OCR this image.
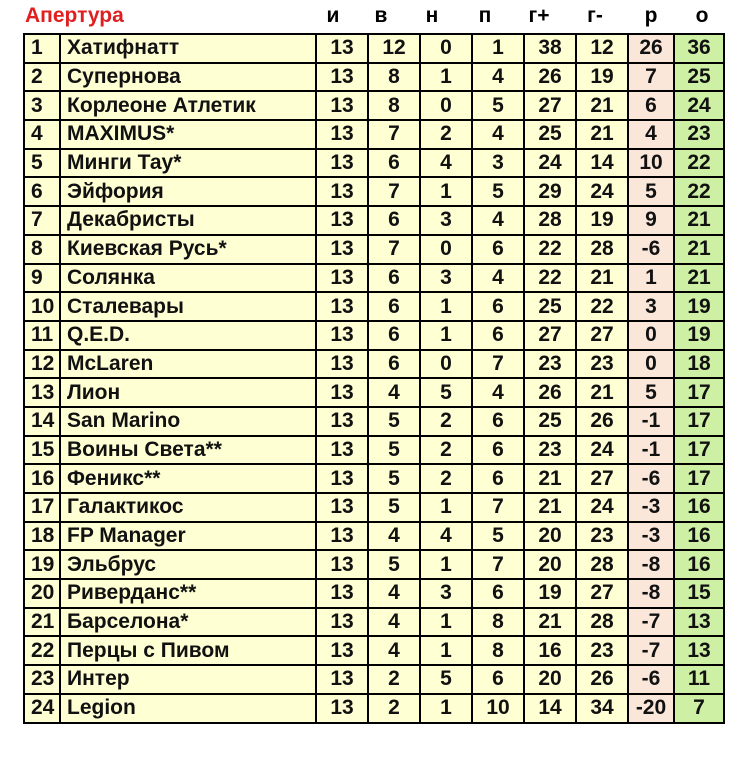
Апертура	и в н п г+ г- р о
1	Хатифнатт	13	12	0	1	38	12	26	36
2	Супернова	13	8	1	4	26	19	7	25
3	Корлеоне Атлетик	13	8	0	5	27	21	6	24
4	MAXIMUS*	13	7	2	4	25	21	4	23
5	Минги Тау*	13	6	4	3	24	14	10	22
6	Эйфория	13	7	1	5	29	24	5	22
7	Декабристы	13	6	3	4	28	19	9	21
8	Киевская Русь*	13	7	0	6	22	28	-6	21
9	Солянка	13	6	3	4	22	21	1	21
10	Сталевары	13	6	1	6	25	22	3	19
11	Q.E.D.	13	6	1	6	27	27	0	19
12	McLaren	13	6	0	7	23	23	0	18
13	Лион	13	4	5	4	26	21	5	17
14	San Marino	13	5	2	6	25	26	-1	17
15	Воины Света**	13	5	2	6	23	24	-1	17
16	Феникс**	13	5	2	6	21	27	-6	17
17	Галактикос	13	5	1	7	21	24	-3	16
18	FP Manager	13	4	4	5	20	23	-3	16
19	Эльбрус	13	5	1	7	20	28	-8	16
20	Риверданс**	13	4	3	6	19	27	-8	15
21	Барселона*	13	4	1	8	21	28	-7	13
22	Перцы с Пивом	13	4	1	8	16	23	-7	13
23	Интер	13	2	5	6	20	26	-6	11
24	Legion	13	2	1	10	14	34	-20	7
